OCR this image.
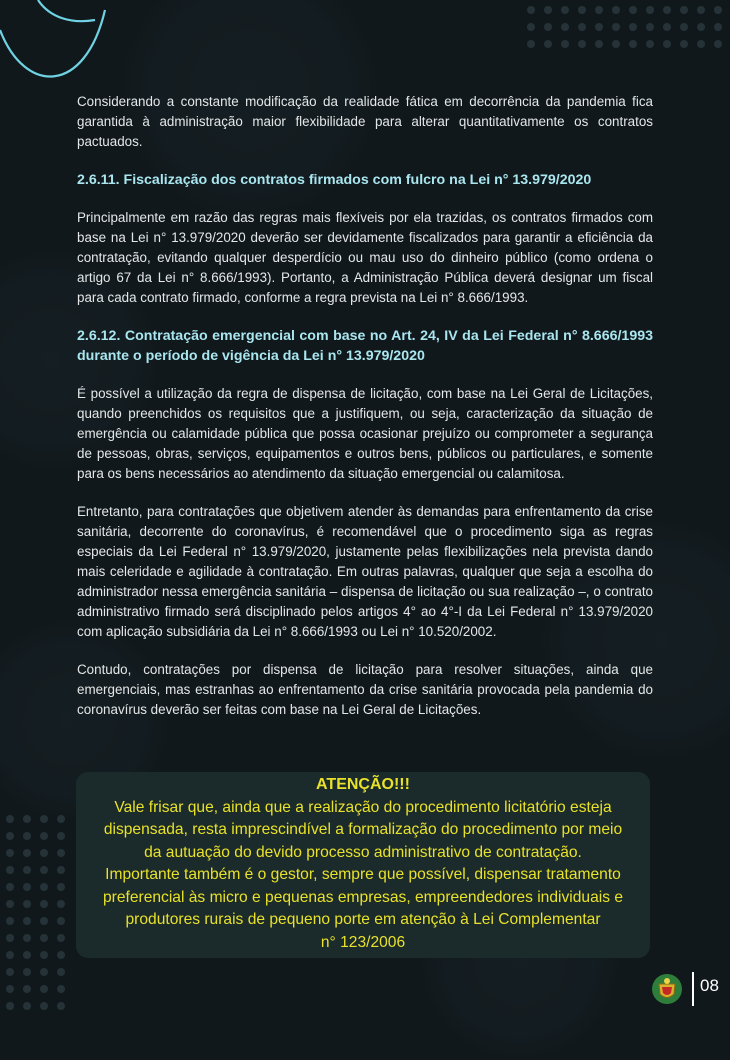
Considerando a constante modificação da realidade fática em decorrência da pandemia fica garantida à administração maior flexibilidade para alterar quantitativamente os contratos pactuados.

2.6.11. Fiscalização dos contratos firmados com fulcro na Lei n° 13.979/2020

Principalmente em razão das regras mais flexíveis por ela trazidas, os contratos firmados com base na Lei n° 13.979/2020 deverão ser devidamente fiscalizados para garantir a eficiência da contratação, evitando qualquer desperdício ou mau uso do dinheiro público (como ordena o artigo 67 da Lei n° 8.666/1993). Portanto, a Administração Pública deverá designar um fiscal para cada contrato firmado, conforme a regra prevista na Lei n° 8.666/1993.

2.6.12. Contratação emergencial com base no Art. 24, IV da Lei Federal n° 8.666/1993 durante o período de vigência da Lei n° 13.979/2020

É possível a utilização da regra de dispensa de licitação, com base na Lei Geral de Licitações, quando preenchidos os requisitos que a justifiquem, ou seja, caracterização da situação de emergência ou calamidade pública que possa ocasionar prejuízo ou comprometer a segurança de pessoas, obras, serviços, equipamentos e outros bens, públicos ou particulares, e somente para os bens necessários ao atendimento da situação emergencial ou calamitosa.

Entretanto, para contratações que objetivem atender às demandas para enfrentamento da crise sanitária, decorrente do coronavírus, é recomendável que o procedimento siga as regras especiais da Lei Federal n° 13.979/2020, justamente pelas flexibilizações nela prevista dando mais celeridade e agilidade à contratação. Em outras palavras, qualquer que seja a escolha do administrador nessa emergência sanitária – dispensa de licitação ou sua realização –, o contrato administrativo firmado será disciplinado pelos artigos 4° ao 4°-I da Lei Federal n° 13.979/2020 com aplicação subsidiária da Lei n° 8.666/1993 ou Lei n° 10.520/2002.

Contudo, contratações por dispensa de licitação para resolver situações, ainda que emergenciais, mas estranhas ao enfrentamento da crise sanitária provocada pela pandemia do coronavírus deverão ser feitas com base na Lei Geral de Licitações.

ATENÇÃO!!!
Vale frisar que, ainda que a realização do procedimento licitatório esteja
dispensada, resta imprescindível a formalização do procedimento por meio
da autuação do devido processo administrativo de contratação.
Importante também é o gestor, sempre que possível, dispensar tratamento
preferencial às micro e pequenas empresas, empreendedores individuais e
produtores rurais de pequeno porte em atenção à Lei Complementar
n° 123/2006
08
